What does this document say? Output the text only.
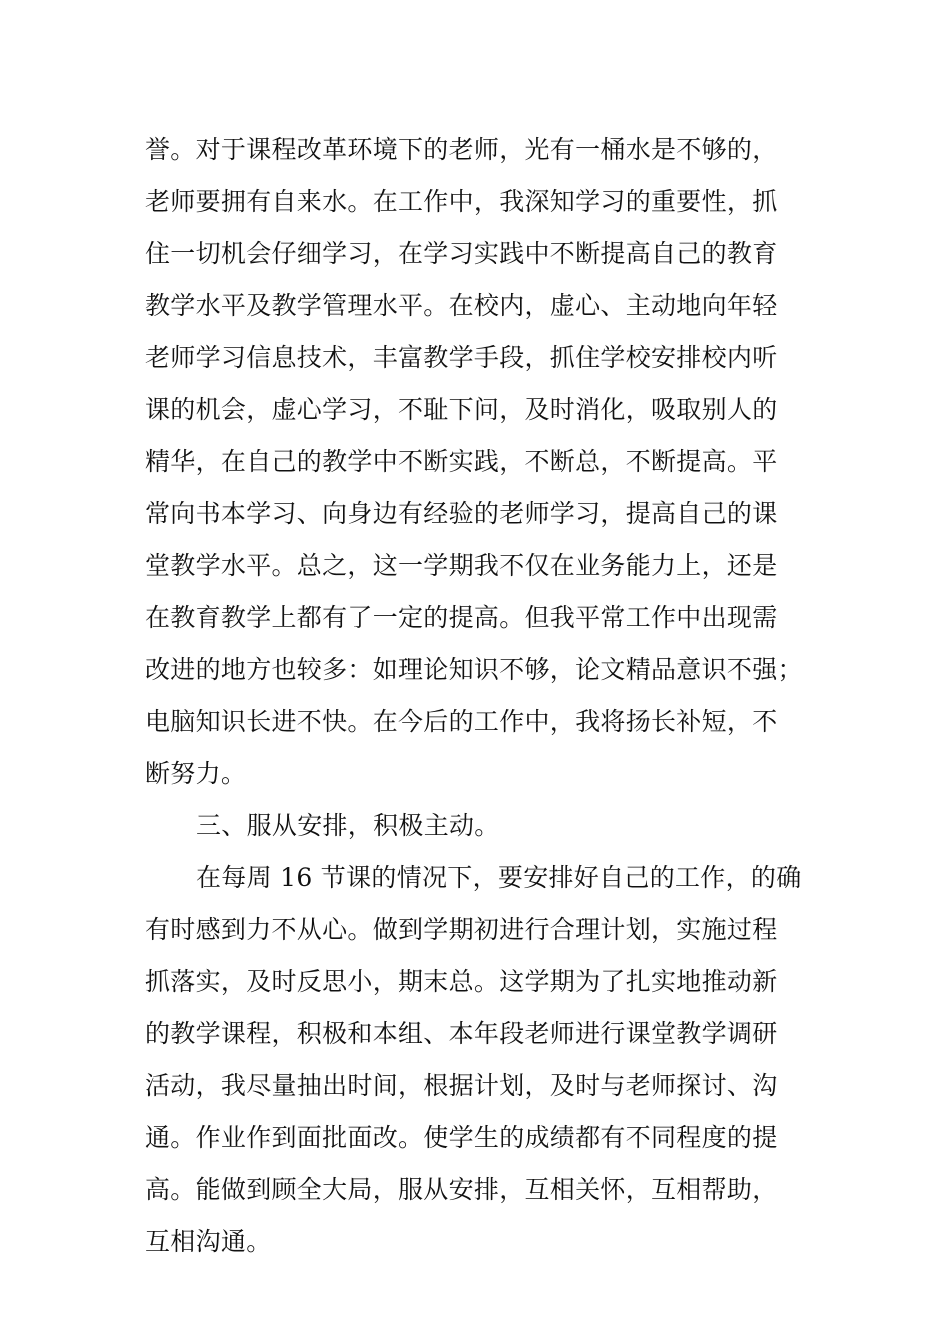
誉。对于课程改革环境下的老师，光有一桶水是不够的，
老师要拥有自来水。在工作中，我深知学习的重要性，抓
住一切机会仔细学习，在学习实践中不断提高自己的教育
教学水平及教学管理水平。在校内，虚心、主动地向年轻
老师学习信息技术，丰富教学手段，抓住学校安排校内听
课的机会，虚心学习，不耻下问，及时消化，吸取别人的
精华，在自己的教学中不断实践，不断总，不断提高。平
常向书本学习、向身边有经验的老师学习，提高自己的课
堂教学水平。总之，这一学期我不仅在业务能力上，还是
在教育教学上都有了一定的提高。但我平常工作中出现需
改进的地方也较多：如理论知识不够，论文精品意识不强；
电脑知识长进不快。在今后的工作中，我将扬长补短，不
断努力。
三、服从安排，积极主动。
在每周 16 节课的情况下，要安排好自己的工作，的确
有时感到力不从心。做到学期初进行合理计划，实施过程
抓落实，及时反思小，期末总。这学期为了扎实地推动新
的教学课程，积极和本组、本年段老师进行课堂教学调研
活动，我尽量抽出时间，根据计划，及时与老师探讨、沟
通。作业作到面批面改。使学生的成绩都有不同程度的提
高。能做到顾全大局，服从安排，互相关怀，互相帮助，
互相沟通。
